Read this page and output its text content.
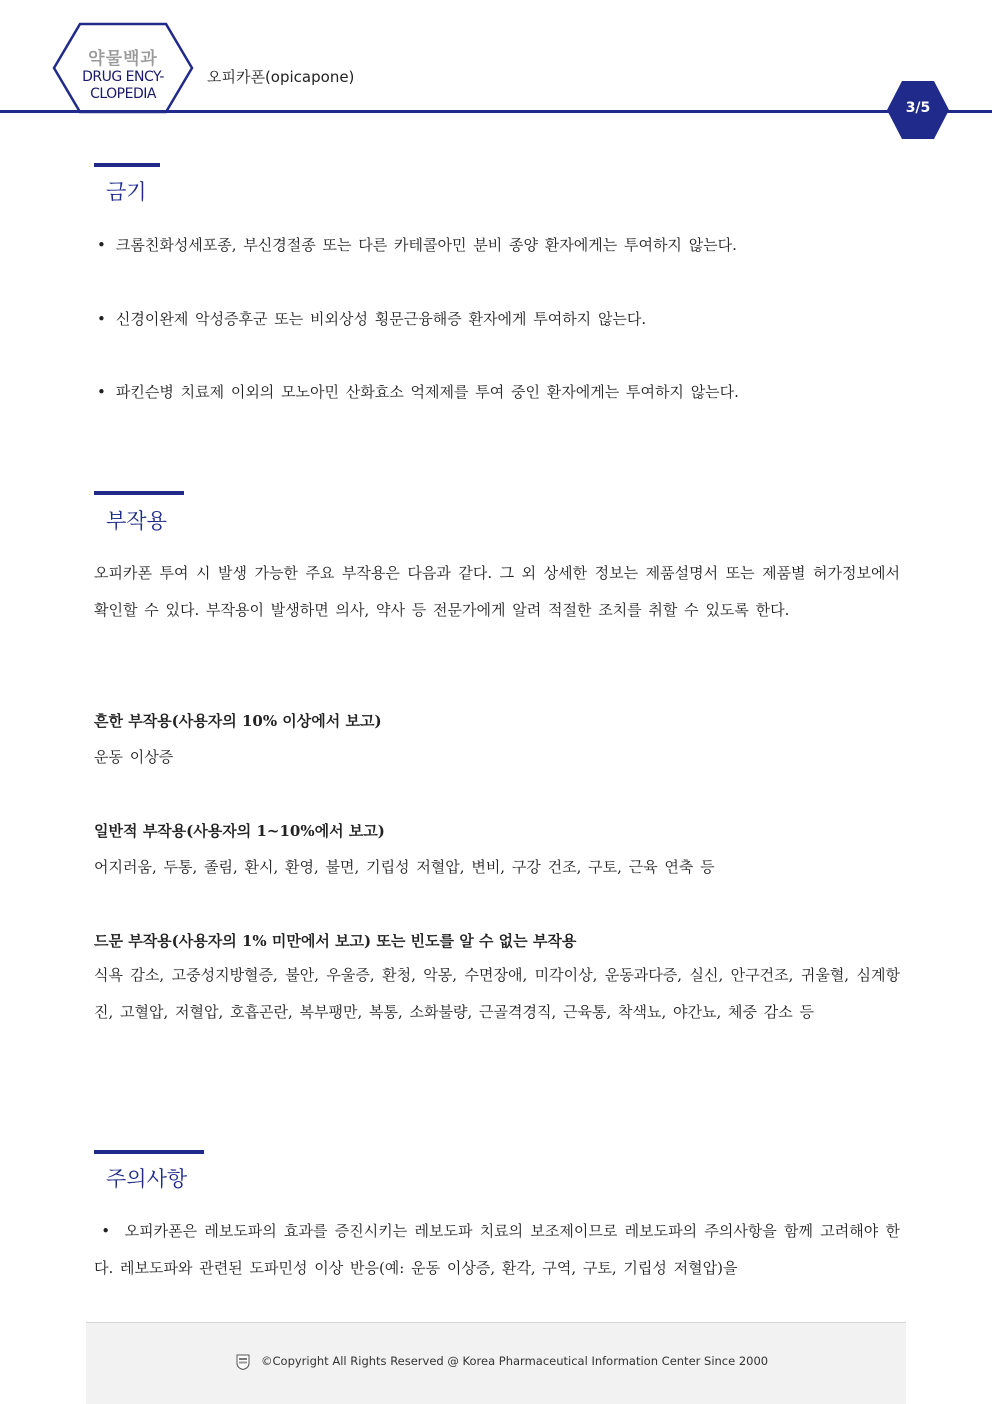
약물백과
DRUG ENCY-
CLOPEDIA
오피카폰(opicapone)
3/5
금기
• 크롬친화성세포종, 부신경절종 또는 다른 카테콜아민 분비 종양 환자에게는 투여하지 않는다.
• 신경이완제 악성증후군 또는 비외상성 횡문근융해증 환자에게 투여하지 않는다.
• 파킨슨병 치료제 이외의 모노아민 산화효소 억제제를 투여 중인 환자에게는 투여하지 않는다.
부작용
오피카폰 투여 시 발생 가능한 주요 부작용은 다음과 같다. 그 외 상세한 정보는 제품설명서 또는 제품별 허가정보에서 확인할 수 있다. 부작용이 발생하면 의사, 약사 등 전문가에게 알려 적절한 조치를 취할 수 있도록 한다.
흔한 부작용(사용자의 10% 이상에서 보고)
운동 이상증
일반적 부작용(사용자의 1~10%에서 보고)
어지러움, 두통, 졸림, 환시, 환영, 불면, 기립성 저혈압, 변비, 구강 건조, 구토, 근육 연축 등
드문 부작용(사용자의 1% 미만에서 보고) 또는 빈도를 알 수 없는 부작용
식욕 감소, 고중성지방혈증, 불안, 우울증, 환청, 악몽, 수면장애, 미각이상, 운동과다증, 실신, 안구건조, 귀울혈, 심계항진, 고혈압, 저혈압, 호흡곤란, 복부팽만, 복통, 소화불량, 근골격경직, 근육통, 착색뇨, 야간뇨, 체중 감소 등
주의사항
•  오피카폰은 레보도파의 효과를 증진시키는 레보도파 치료의 보조제이므로 레보도파의 주의사항을 함께 고려해야 한다. 레보도파와 관련된 도파민성 이상 반응(예: 운동 이상증, 환각, 구역, 구토, 기립성 저혈압)을
©Copyright All Rights Reserved @ Korea Pharmaceutical Information Center Since 2000
